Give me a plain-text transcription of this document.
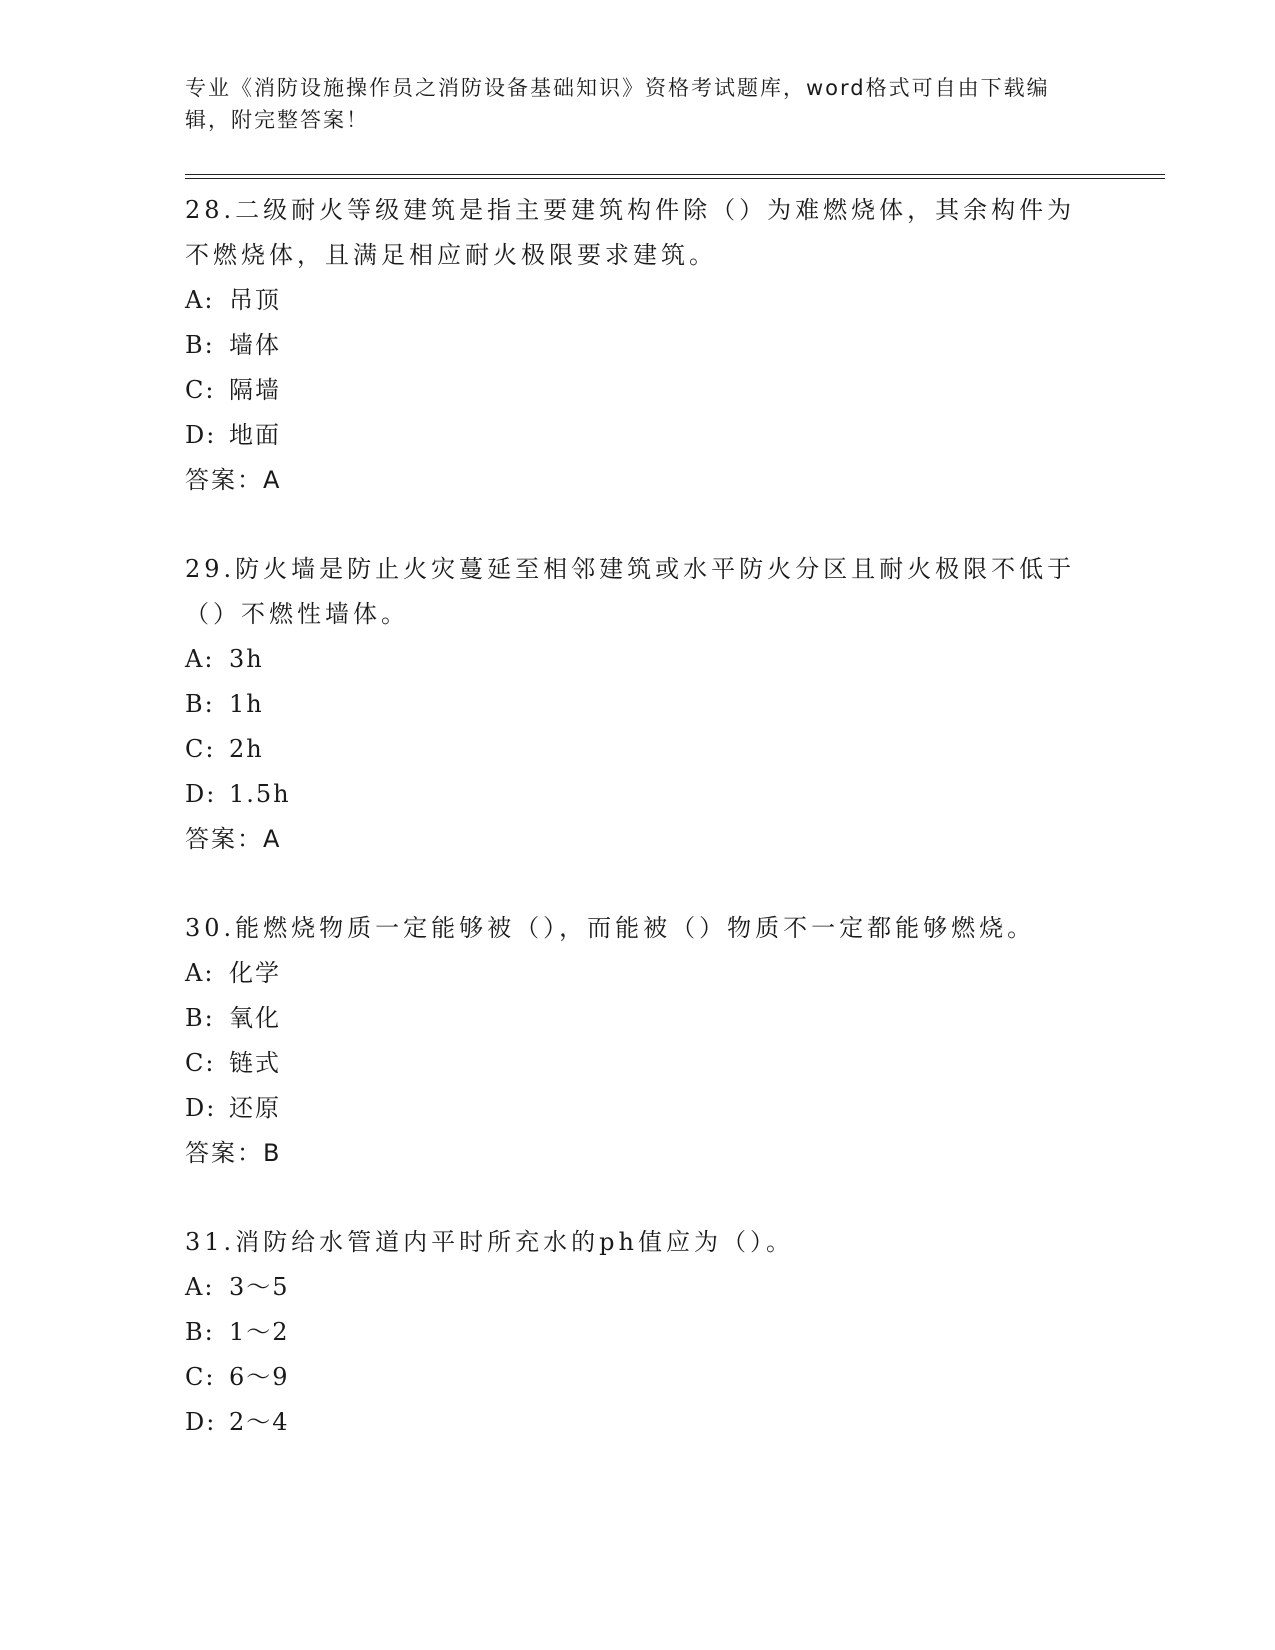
专业《消防设施操作员之消防设备基础知识》资格考试题库，word格式可自由下载编辑，附完整答案！

28.二级耐火等级建筑是指主要建筑构件除（）为难燃烧体，其余构件为不燃烧体，且满足相应耐火极限要求建筑。

A: 吊顶

B: 墙体

C: 隔墙

D: 地面

答案：A

29.防火墙是防止火灾蔓延至相邻建筑或水平防火分区且耐火极限不低于（）不燃性墙体。

A: 3h

B: 1h

C: 2h

D: 1.5h

答案：A

30.能燃烧物质一定能够被（），而能被（）物质不一定都能够燃烧。

A: 化学

B: 氧化

C: 链式

D: 还原

答案：B

31.消防给水管道内平时所充水的ph值应为（）。

A: 3～5

B: 1～2

C: 6～9

D: 2～4
